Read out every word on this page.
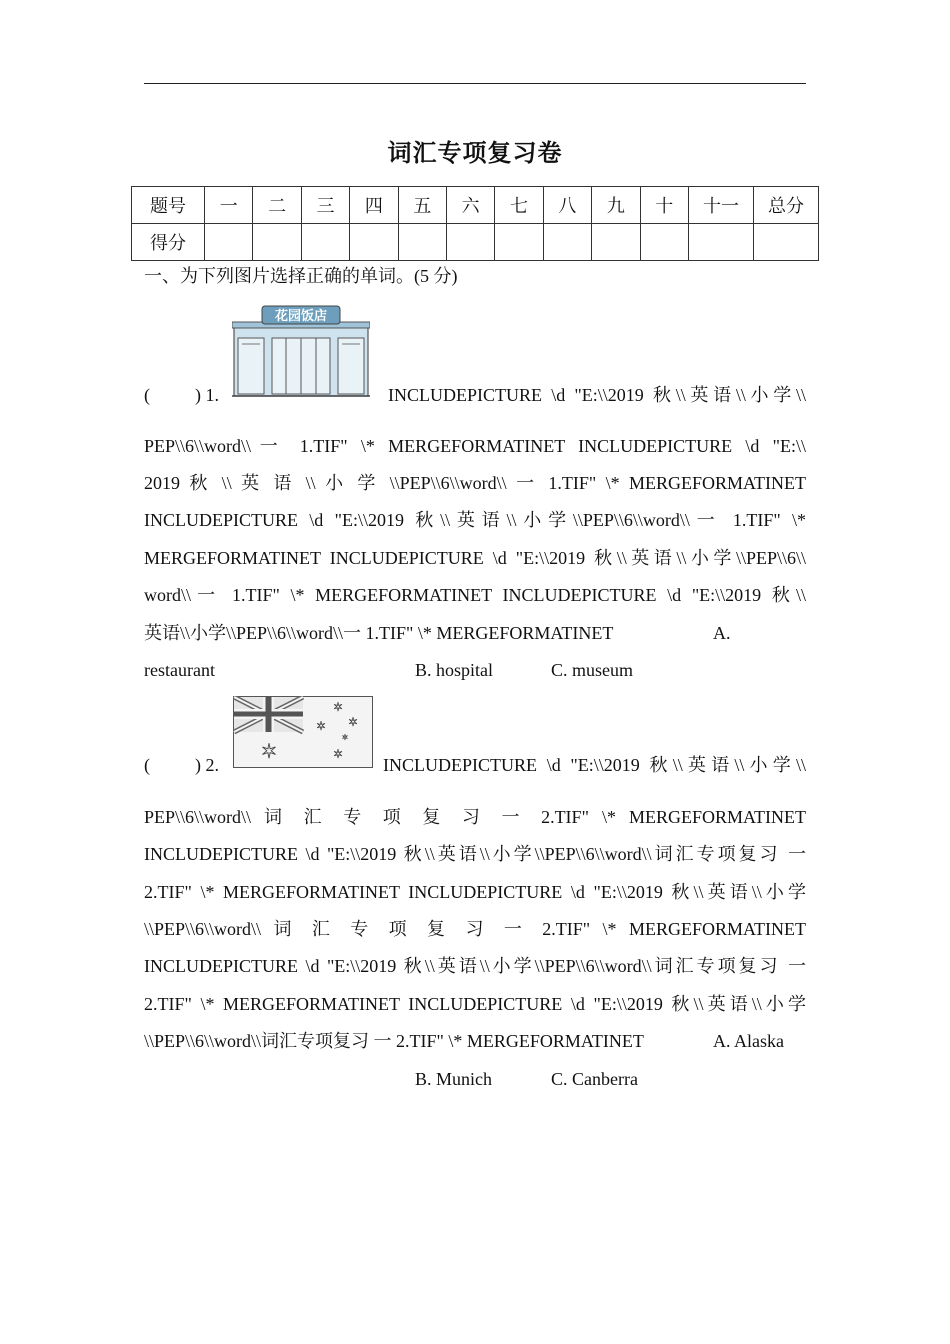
词汇专项复习卷
题号	一	二	三	四	五	六	七	八	九	十	十一	总分
得分												
一、为下列图片选择正确的单词。(5 分)
(	) 1.
花园饭店
INCLUDEPICTURE \d "E:\\2019 秋\\英语\\小学\\
PEP\\6\\word\\一 1.TIF" \* MERGEFORMATINET INCLUDEPICTURE \d "E:\\
2019 秋 \\ 英 语 \\ 小 学 \\PEP\\6\\word\\ 一 1.TIF" \* MERGEFORMATINET
INCLUDEPICTURE \d "E:\\2019 秋\\英语\\小学\\PEP\\6\\word\\一 1.TIF" \*
MERGEFORMATINET INCLUDEPICTURE \d "E:\\2019 秋\\英语\\小学\\PEP\\6\\
word\\一 1.TIF" \* MERGEFORMATINET INCLUDEPICTURE \d "E:\\2019 秋\\
英语\\小学\\PEP\\6\\word\\一 1.TIF" \* MERGEFORMATINET	A.
restaurant	B. hospital	C. museum
(	) 2.
✶	✶
✶ ✶
✶
✶
INCLUDEPICTURE \d "E:\\2019 秋\\英语\\小学\\
PEP\\6\\word\\ 词 汇 专 项 复 习 一 2.TIF" \* MERGEFORMATINET
INCLUDEPICTURE \d "E:\\2019 秋\\英语\\小学\\PEP\\6\\word\\词汇专项复习 一
2.TIF" \* MERGEFORMATINET INCLUDEPICTURE \d "E:\\2019 秋\\英语\\小学
\\PEP\\6\\word\\ 词 汇 专 项 复 习 一 2.TIF" \* MERGEFORMATINET
INCLUDEPICTURE \d "E:\\2019 秋\\英语\\小学\\PEP\\6\\word\\词汇专项复习 一
2.TIF" \* MERGEFORMATINET INCLUDEPICTURE \d "E:\\2019 秋\\英语\\小学
\\PEP\\6\\word\\词汇专项复习 一 2.TIF" \* MERGEFORMATINET	A. Alaska
B. Munich	C. Canberra
